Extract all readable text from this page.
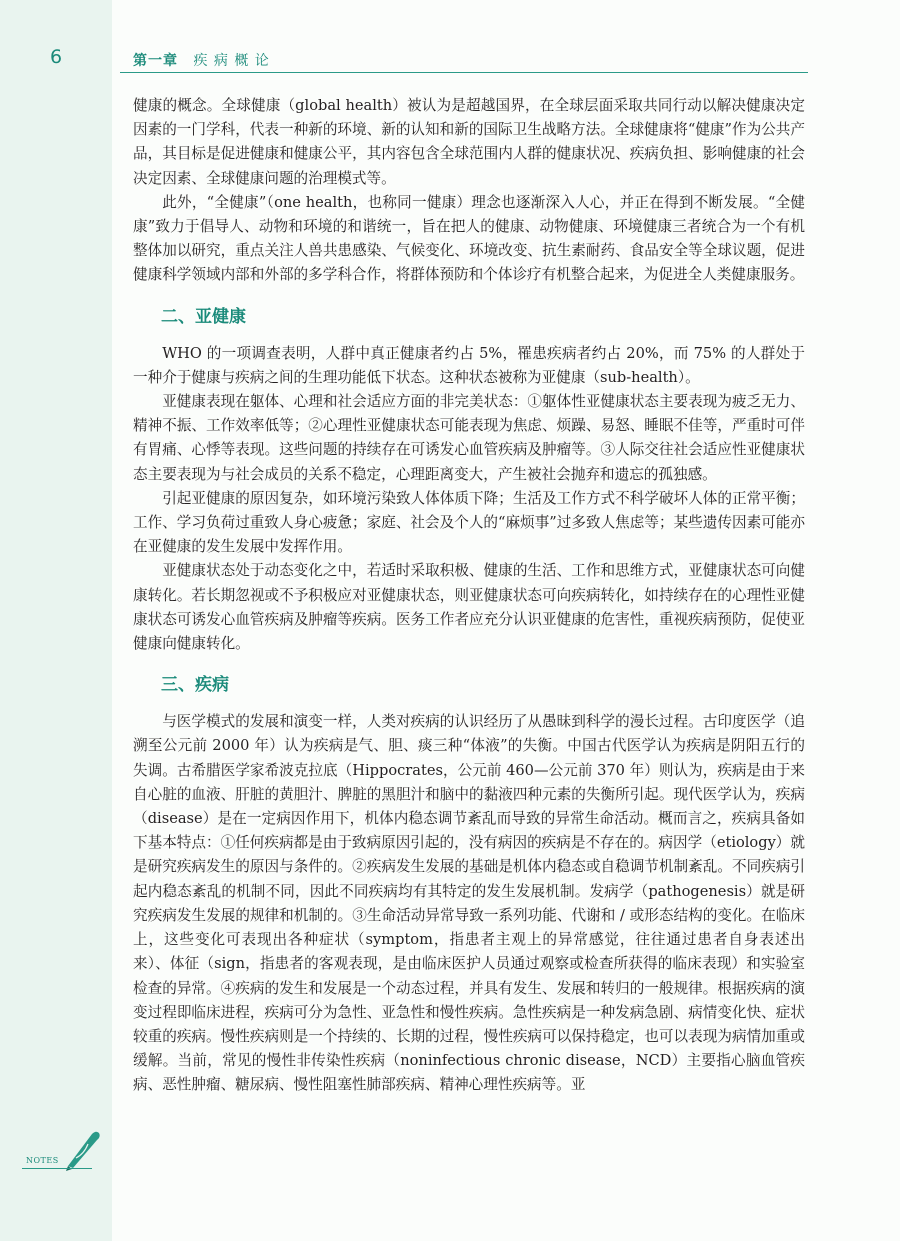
6	第一章 疾 病 概 论

健康的概念。全球健康（global health）被认为是超越国界，在全球层面采取共同行动以解决健康决定因素的一门学科，代表一种新的环境、新的认知和新的国际卫生战略方法。全球健康将“健康”作为公共产品，其目标是促进健康和健康公平，其内容包含全球范围内人群的健康状况、疾病负担、影响健康的社会决定因素、全球健康问题的治理模式等。

此外，“全健康”（one health，也称同一健康）理念也逐渐深入人心，并正在得到不断发展。“全健康”致力于倡导人、动物和环境的和谐统一，旨在把人的健康、动物健康、环境健康三者统合为一个有机整体加以研究，重点关注人兽共患感染、气候变化、环境改变、抗生素耐药、食品安全等全球议题，促进健康科学领域内部和外部的多学科合作，将群体预防和个体诊疗有机整合起来，为促进全人类健康服务。

二、亚健康

WHO 的一项调查表明，人群中真正健康者约占 5%，罹患疾病者约占 20%，而 75% 的人群处于一种介于健康与疾病之间的生理功能低下状态。这种状态被称为亚健康（sub-health）。

亚健康表现在躯体、心理和社会适应方面的非完美状态：①躯体性亚健康状态主要表现为疲乏无力、精神不振、工作效率低等；②心理性亚健康状态可能表现为焦虑、烦躁、易怒、睡眠不佳等，严重时可伴有胃痛、心悸等表现。这些问题的持续存在可诱发心血管疾病及肿瘤等。③人际交往社会适应性亚健康状态主要表现为与社会成员的关系不稳定，心理距离变大，产生被社会抛弃和遗忘的孤独感。

引起亚健康的原因复杂，如环境污染致人体体质下降；生活及工作方式不科学破坏人体的正常平衡；工作、学习负荷过重致人身心疲惫；家庭、社会及个人的“麻烦事”过多致人焦虑等；某些遗传因素可能亦在亚健康的发生发展中发挥作用。

亚健康状态处于动态变化之中，若适时采取积极、健康的生活、工作和思维方式，亚健康状态可向健康转化。若长期忽视或不予积极应对亚健康状态，则亚健康状态可向疾病转化，如持续存在的心理性亚健康状态可诱发心血管疾病及肿瘤等疾病。医务工作者应充分认识亚健康的危害性，重视疾病预防，促使亚健康向健康转化。

三、疾病

与医学模式的发展和演变一样，人类对疾病的认识经历了从愚昧到科学的漫长过程。古印度医学（追溯至公元前 2000 年）认为疾病是气、胆、痰三种“体液”的失衡。中国古代医学认为疾病是阴阳五行的失调。古希腊医学家希波克拉底（Hippocrates，公元前 460—公元前 370 年）则认为，疾病是由于来自心脏的血液、肝脏的黄胆汁、脾脏的黑胆汁和脑中的黏液四种元素的失衡所引起。现代医学认为，疾病（disease）是在一定病因作用下，机体内稳态调节紊乱而导致的异常生命活动。概而言之，疾病具备如下基本特点：①任何疾病都是由于致病原因引起的，没有病因的疾病是不存在的。病因学（etiology）就是研究疾病发生的原因与条件的。②疾病发生发展的基础是机体内稳态或自稳调节机制紊乱。不同疾病引起内稳态紊乱的机制不同，因此不同疾病均有其特定的发生发展机制。发病学（pathogenesis）就是研究疾病发生发展的规律和机制的。③生命活动异常导致一系列功能、代谢和 / 或形态结构的变化。在临床上，这些变化可表现出各种症状（symptom，指患者主观上的异常感觉，往往通过患者自身表述出来）、体征（sign，指患者的客观表现，是由临床医护人员通过观察或检查所获得的临床表现）和实验室检查的异常。④疾病的发生和发展是一个动态过程，并具有发生、发展和转归的一般规律。根据疾病的演变过程即临床进程，疾病可分为急性、亚急性和慢性疾病。急性疾病是一种发病急剧、病情变化快、症状较重的疾病。慢性疾病则是一个持续的、长期的过程，慢性疾病可以保持稳定，也可以表现为病情加重或缓解。当前，常见的慢性非传染性疾病（noninfectious chronic disease，NCD）主要指心脑血管疾病、恶性肿瘤、糖尿病、慢性阻塞性肺部疾病、精神心理性疾病等。亚

NOTES
